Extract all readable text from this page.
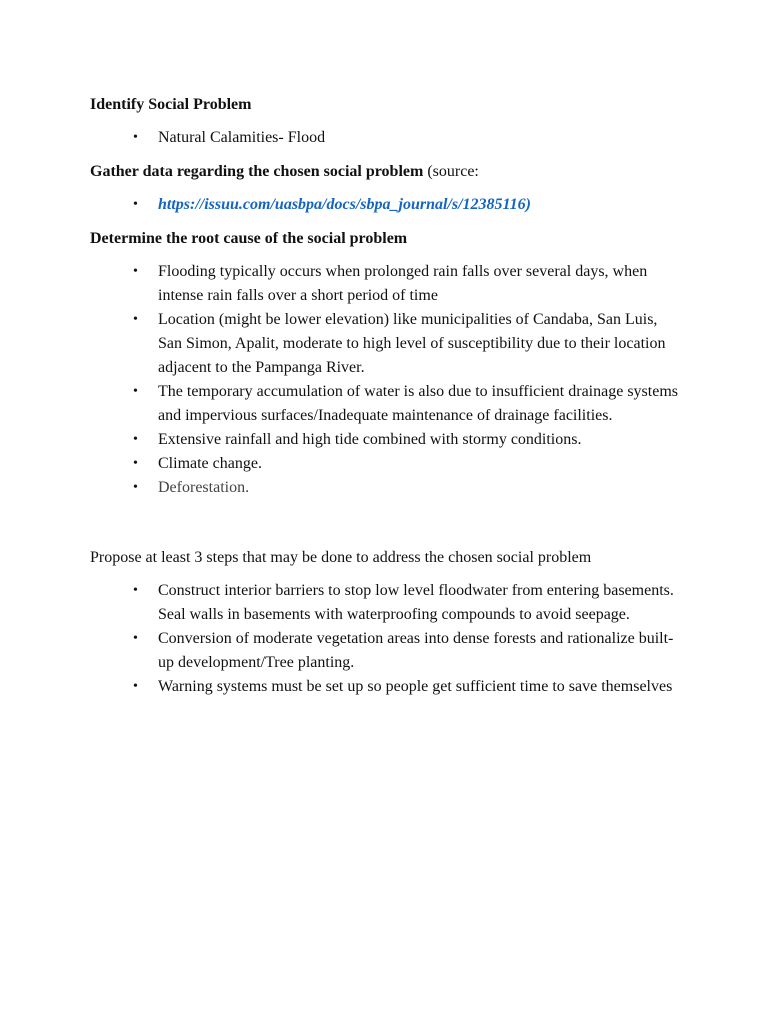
Identify Social Problem

• Natural Calamities- Flood

Gather data regarding the chosen social problem (source:

• https://issuu.com/uasbpa/docs/sbpa_journal/s/12385116)

Determine the root cause of the social problem

• Flooding typically occurs when prolonged rain falls over several days, when intense rain falls over a short period of time
• Location (might be lower elevation) like municipalities of Candaba, San Luis, San Simon, Apalit, moderate to high level of susceptibility due to their location adjacent to the Pampanga River.
• The temporary accumulation of water is also due to insufficient drainage systems and impervious surfaces/Inadequate maintenance of drainage facilities.
• Extensive rainfall and high tide combined with stormy conditions.
• Climate change.
• Deforestation.

Propose at least 3 steps that may be done to address the chosen social problem

• Construct interior barriers to stop low level floodwater from entering basements. Seal walls in basements with waterproofing compounds to avoid seepage.
• Conversion of moderate vegetation areas into dense forests and rationalize built-up development/Tree planting.
• Warning systems must be set up so people get sufficient time to save themselves
